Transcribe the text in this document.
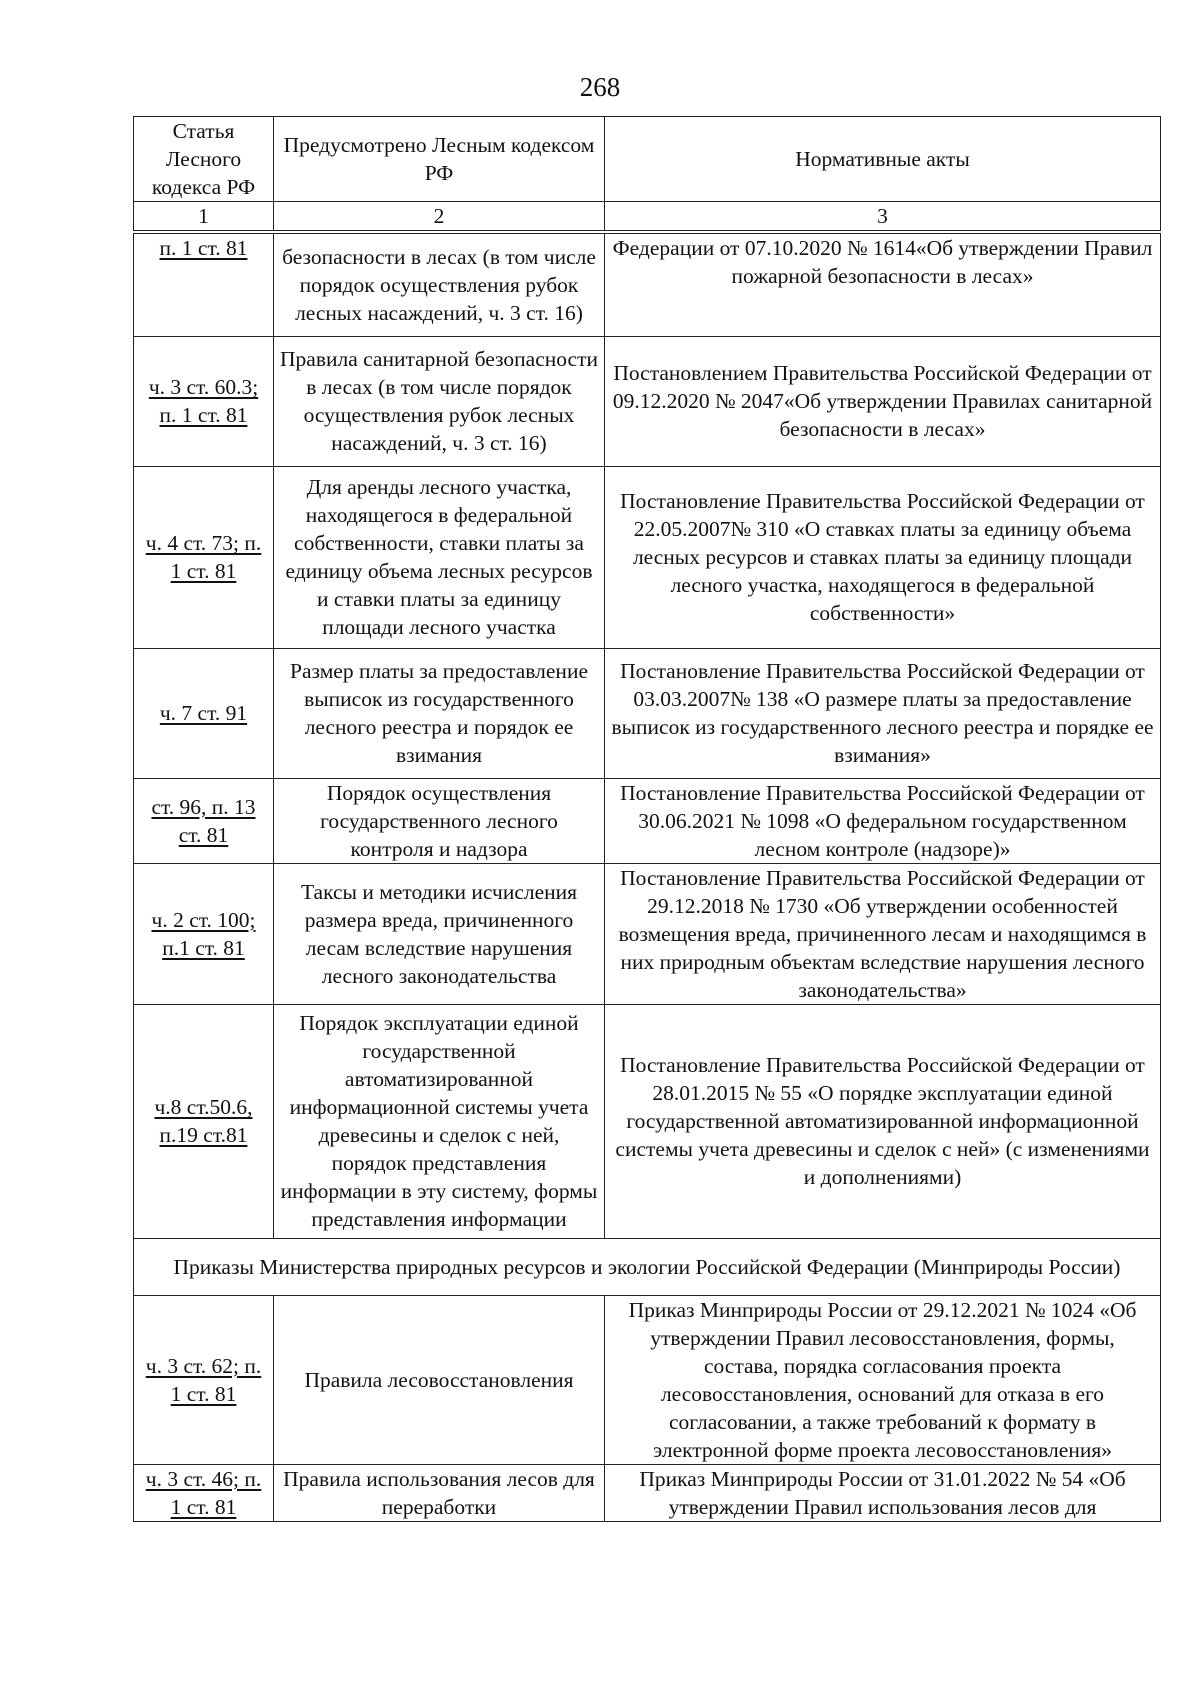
268
Статья Лесного кодекса РФ	Предусмотрено Лесным кодексом РФ	Нормативные акты
1	2	3
п. 1 ст. 81	безопасности в лесах (в том числе порядок осуществления рубок лесных насаждений, ч. 3 ст. 16)	Федерации от 07.10.2020 № 1614«Об утверждении Правил пожарной безопасности в лесах»
ч. 3 ст. 60.3; п. 1 ст. 81	Правила санитарной безопасности в лесах (в том числе порядок осуществления рубок лесных насаждений, ч. 3 ст. 16)	Постановлением Правительства Российской Федерации от 09.12.2020 № 2047«Об утверждении Правилах санитарной безопасности в лесах»
ч. 4 ст. 73; п. 1 ст. 81	Для аренды лесного участка, находящегося в федеральной собственности, ставки платы за единицу объема лесных ресурсов и ставки платы за единицу площади лесного участка	Постановление Правительства Российской Федерации от 22.05.2007№ 310 «О ставках платы за единицу объема лесных ресурсов и ставках платы за единицу площади лесного участка, находящегося в федеральной собственности»
ч. 7 ст. 91	Размер платы за предоставление выписок из государственного лесного реестра и порядок ее взимания	Постановление Правительства Российской Федерации от 03.03.2007№ 138 «О размере платы за предоставление выписок из государственного лесного реестра и порядке ее взимания»
ст. 96, п. 13 ст. 81	Порядок осуществления государственного лесного контроля и надзора	Постановление Правительства Российской Федерации от 30.06.2021 № 1098 «О федеральном государственном лесном контроле (надзоре)»
ч. 2 ст. 100; п.1 ст. 81	Таксы и методики исчисления размера вреда, причиненного лесам вследствие нарушения лесного законодательства	Постановление Правительства Российской Федерации от 29.12.2018 № 1730 «Об утверждении особенностей возмещения вреда, причиненного лесам и находящимся в них природным объектам вследствие нарушения лесного законодательства»
ч.8 ст.50.6, п.19 ст.81	Порядок эксплуатации единой государственной автоматизированной информационной системы учета древесины и сделок с ней, порядок представления информации в эту систему, формы представления информации	Постановление Правительства Российской Федерации от 28.01.2015 № 55 «О порядке эксплуатации единой государственной автоматизированной информационной системы учета древесины и сделок с ней» (с изменениями и дополнениями)
Приказы Министерства природных ресурсов и экологии Российской Федерации (Минприроды России)		
ч. 3 ст. 62; п. 1 ст. 81	Правила лесовосстановления	Приказ Минприроды России от 29.12.2021 № 1024 «Об утверждении Правил лесовосстановления, формы, состава, порядка согласования проекта лесовосстановления, оснований для отказа в его согласовании, а также требований к формату в электронной форме проекта лесовосстановления»
ч. 3 ст. 46; п. 1 ст. 81	Правила использования лесов для переработки	Приказ Минприроды России от 31.01.2022 № 54 «Об утверждении Правил использования лесов для
